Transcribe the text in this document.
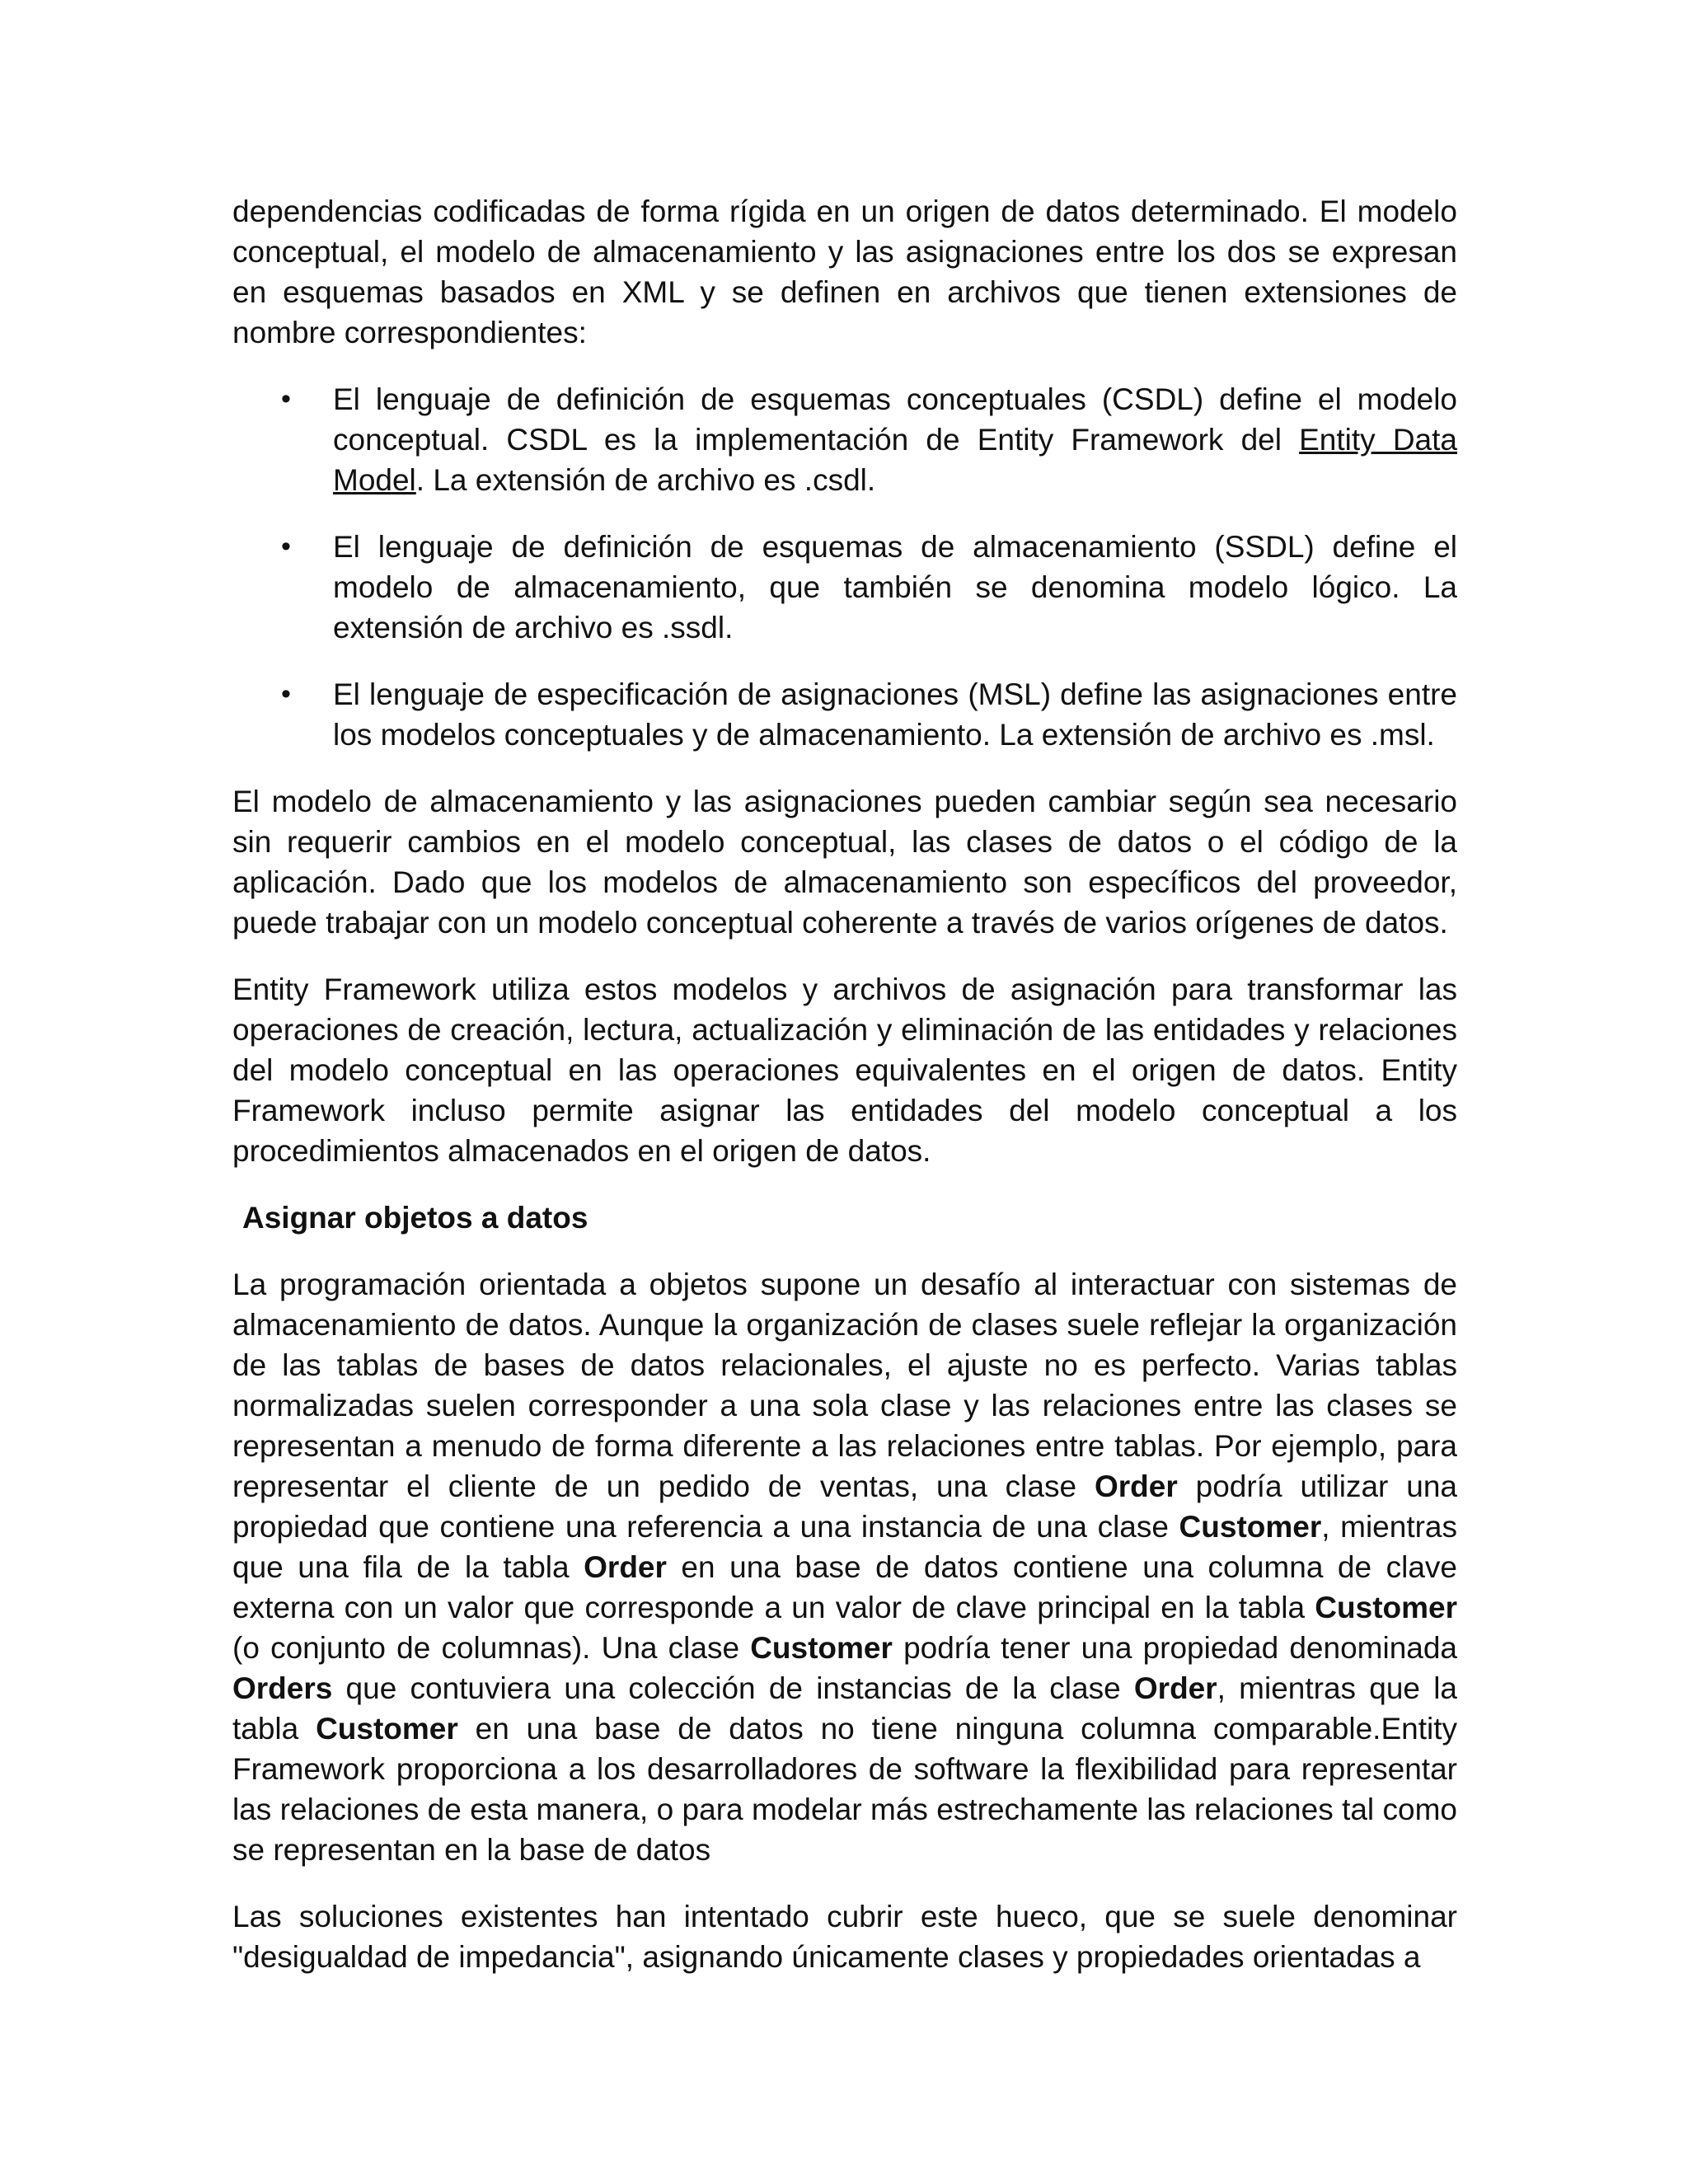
dependencias codificadas de forma rígida en un origen de datos determinado. El modelo conceptual, el modelo de almacenamiento y las asignaciones entre los dos se expresan en esquemas basados en XML y se definen en archivos que tienen extensiones de nombre correspondientes:

• El lenguaje de definición de esquemas conceptuales (CSDL) define el modelo conceptual. CSDL es la implementación de Entity Framework del Entity Data Model. La extensión de archivo es .csdl.
• El lenguaje de definición de esquemas de almacenamiento (SSDL) define el modelo de almacenamiento, que también se denomina modelo lógico. La extensión de archivo es .ssdl.
• El lenguaje de especificación de asignaciones (MSL) define las asignaciones entre los modelos conceptuales y de almacenamiento. La extensión de archivo es .msl.

El modelo de almacenamiento y las asignaciones pueden cambiar según sea necesario sin requerir cambios en el modelo conceptual, las clases de datos o el código de la aplicación. Dado que los modelos de almacenamiento son específicos del proveedor, puede trabajar con un modelo conceptual coherente a través de varios orígenes de datos.

Entity Framework utiliza estos modelos y archivos de asignación para transformar las operaciones de creación, lectura, actualización y eliminación de las entidades y relaciones del modelo conceptual en las operaciones equivalentes en el origen de datos. Entity Framework incluso permite asignar las entidades del modelo conceptual a los procedimientos almacenados en el origen de datos.

Asignar objetos a datos

La programación orientada a objetos supone un desafío al interactuar con sistemas de almacenamiento de datos. Aunque la organización de clases suele reflejar la organización de las tablas de bases de datos relacionales, el ajuste no es perfecto. Varias tablas normalizadas suelen corresponder a una sola clase y las relaciones entre las clases se representan a menudo de forma diferente a las relaciones entre tablas. Por ejemplo, para representar el cliente de un pedido de ventas, una clase Order podría utilizar una propiedad que contiene una referencia a una instancia de una clase Customer, mientras que una fila de la tabla Order en una base de datos contiene una columna de clave externa con un valor que corresponde a un valor de clave principal en la tabla Customer (o conjunto de columnas). Una clase Customer podría tener una propiedad denominada Orders que contuviera una colección de instancias de la clase Order, mientras que la tabla Customer en una base de datos no tiene ninguna columna comparable.Entity Framework proporciona a los desarrolladores de software la flexibilidad para representar las relaciones de esta manera, o para modelar más estrechamente las relaciones tal como se representan en la base de datos

Las soluciones existentes han intentado cubrir este hueco, que se suele denominar "desigualdad de impedancia", asignando únicamente clases y propiedades orientadas a
